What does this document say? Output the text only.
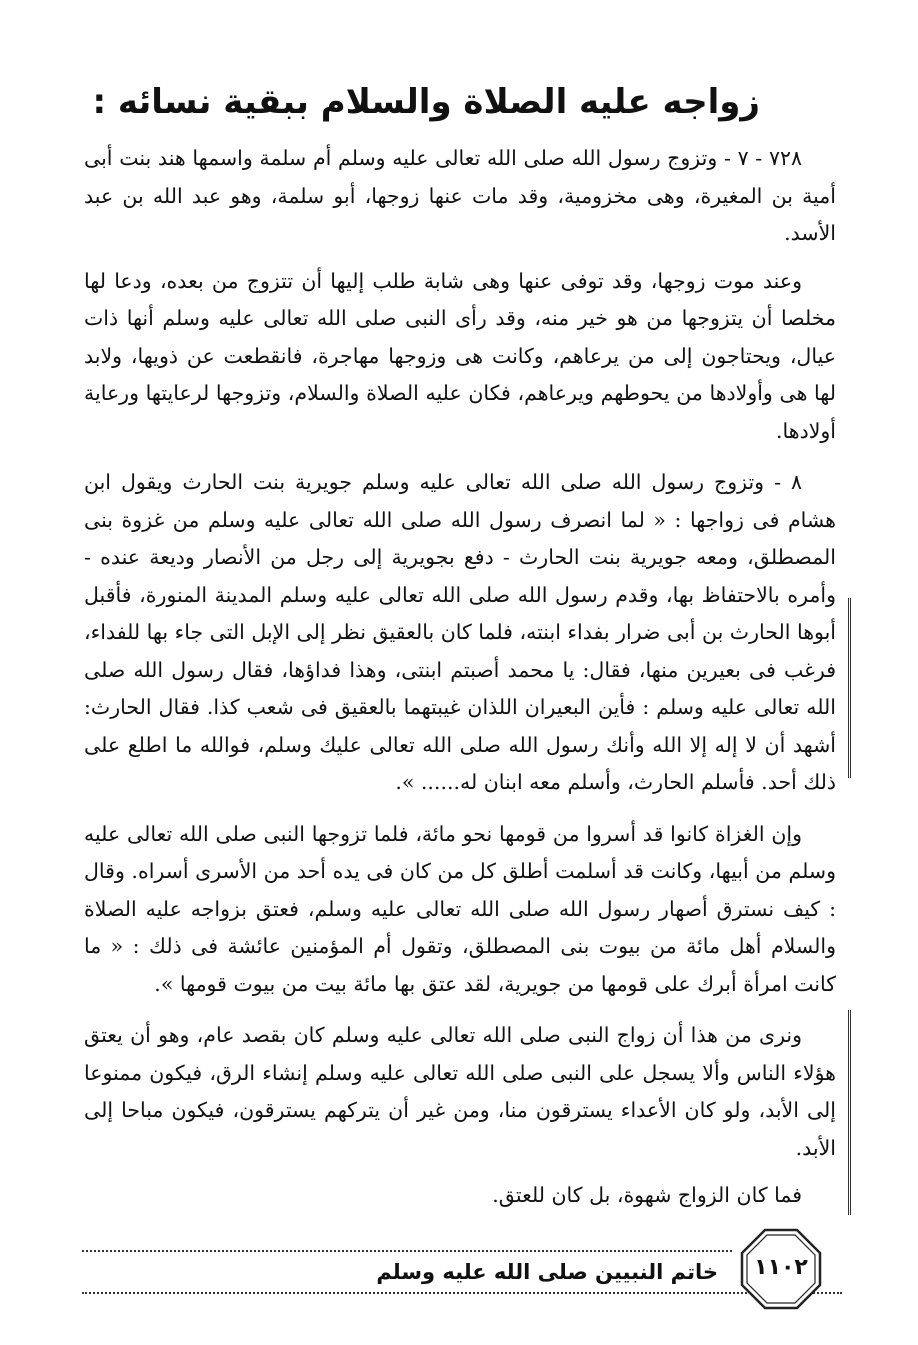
زواجه عليه الصلاة والسلام ببقية نسائه :

٧٢٨ - ٧ - وتزوج رسول الله صلى الله تعالى عليه وسلم أم سلمة واسمها هند بنت أبى أمية بن المغيرة، وهى مخزومية، وقد مات عنها زوجها، أبو سلمة، وهو عبد الله بن عبد الأسد.

وعند موت زوجها، وقد توفى عنها وهى شابة طلب إليها أن تتزوج من بعده، ودعا لها مخلصا أن يتزوجها من هو خير منه، وقد رأى النبى صلى الله تعالى عليه وسلم أنها ذات عيال، ويحتاجون إلى من يرعاهم، وكانت هى وزوجها مهاجرة، فانقطعت عن ذويها، ولابد لها هى وأولادها من يحوطهم ويرعاهم، فكان عليه الصلاة والسلام، وتزوجها لرعايتها ورعاية أولادها.

٨ - وتزوج رسول الله صلى الله تعالى عليه وسلم جويرية بنت الحارث ويقول ابن هشام فى زواجها : « لما انصرف رسول الله صلى الله تعالى عليه وسلم من غزوة بنى المصطلق، ومعه جويرية بنت الحارث - دفع بجويرية إلى رجل من الأنصار وديعة عنده - وأمره بالاحتفاظ بها، وقدم رسول الله صلى الله تعالى عليه وسلم المدينة المنورة، فأقبل أبوها الحارث بن أبى ضرار بفداء ابنته، فلما كان بالعقيق نظر إلى الإبل التى جاء بها للفداء، فرغب فى بعيرين منها، فقال: يا محمد أصبتم ابنتى، وهذا فداؤها، فقال رسول الله صلى الله تعالى عليه وسلم : فأين البعيران اللذان غيبتهما بالعقيق فى شعب كذا. فقال الحارث: أشهد أن لا إله إلا الله وأنك رسول الله صلى الله تعالى عليك وسلم، فوالله ما اطلع على ذلك أحد. فأسلم الحارث، وأسلم معه ابنان له...... ».

وإن الغزاة كانوا قد أسروا من قومها نحو مائة، فلما تزوجها النبى صلى الله تعالى عليه وسلم من أبيها، وكانت قد أسلمت أطلق كل من كان فى يده أحد من الأسرى أسراه. وقال : كيف نسترق أصهار رسول الله صلى الله تعالى عليه وسلم، فعتق بزواجه عليه الصلاة والسلام أهل مائة من بيوت بنى المصطلق، وتقول أم المؤمنين عائشة فى ذلك : « ما كانت امرأة أبرك على قومها من جويرية، لقد عتق بها مائة بيت من بيوت قومها ».

ونرى من هذا أن زواج النبى صلى الله تعالى عليه وسلم كان بقصد عام، وهو أن يعتق هؤلاء الناس وألا يسجل على النبى صلى الله تعالى عليه وسلم إنشاء الرق، فيكون ممنوعا إلى الأبد، ولو كان الأعداء يسترقون منا، ومن غير أن يتركهم يسترقون، فيكون مباحا إلى الأبد.

فما كان الزواج شهوة، بل كان للعتق.

خاتم النبيين صلى الله عليه وسلم	١١٠٢
